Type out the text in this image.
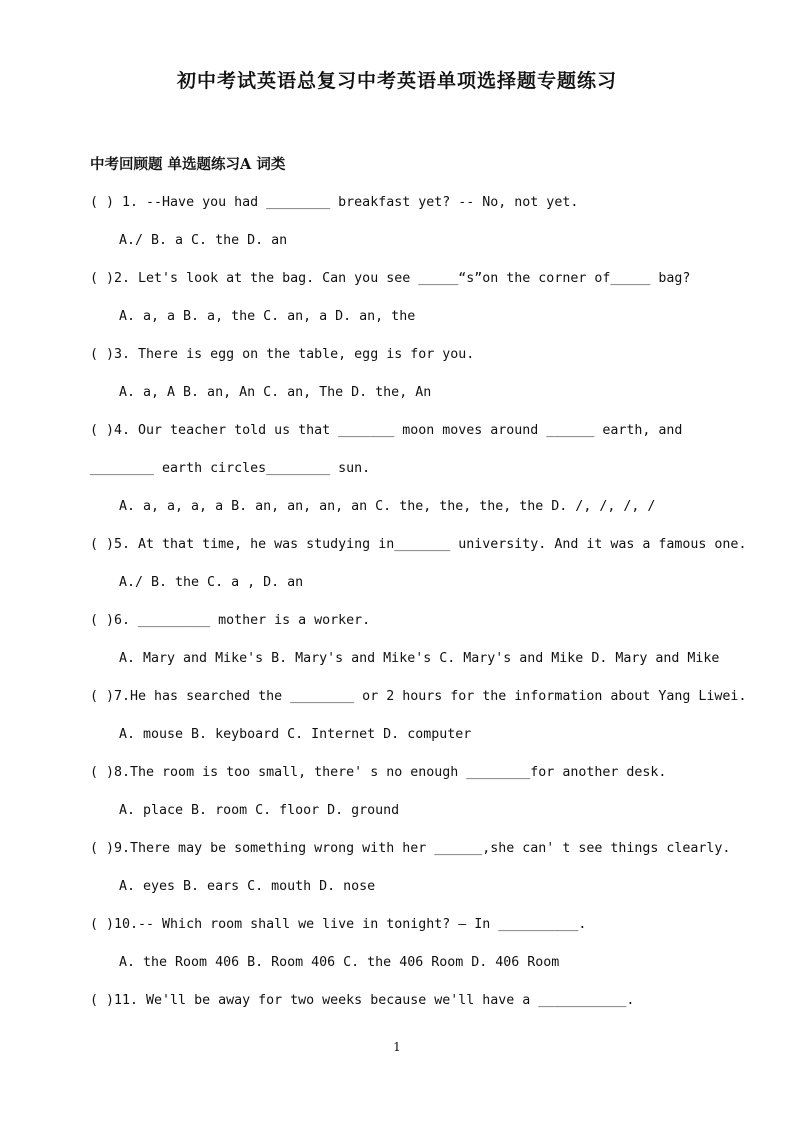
初中考试英语总复习中考英语单项选择题专题练习
中考回顾题 单选题练习A 词类
( ) 1. --Have you had ________ breakfast yet? -- No, not yet.
A./ B. a C. the D. an
( )2. Let's look at the bag. Can you see _____“s”on the corner of_____ bag?
A. a, a B. a, the C. an, a D. an, the
( )3. There is egg on the table, egg is for you.
A. a, A B. an, An C. an, The D. the, An
( )4. Our teacher told us that _______ moon moves around ______ earth, and
________ earth circles________ sun.
A. a, a, a, a B. an, an, an, an C. the, the, the, the D. /, /, /, /
( )5. At that time, he was studying in_______ university. And it was a famous one.
A./ B. the C. a , D. an
( )6. _________ mother is a worker.
A. Mary and Mike's B. Mary's and Mike's C. Mary's and Mike D. Mary and Mike
( )7.He has searched the ________ or 2 hours for the information about Yang Liwei.
A. mouse B. keyboard C. Internet D. computer
( )8.The room is too small, there' s no enough ________for another desk.
A. place B. room C. floor D. ground
( )9.There may be something wrong with her ______,she can' t see things clearly.
A. eyes B. ears C. mouth D. nose
( )10.-- Which room shall we live in tonight? – In __________.
A. the Room 406 B. Room 406 C. the 406 Room D. 406 Room
( )11. We'll be away for two weeks because we'll have a ___________.
1
